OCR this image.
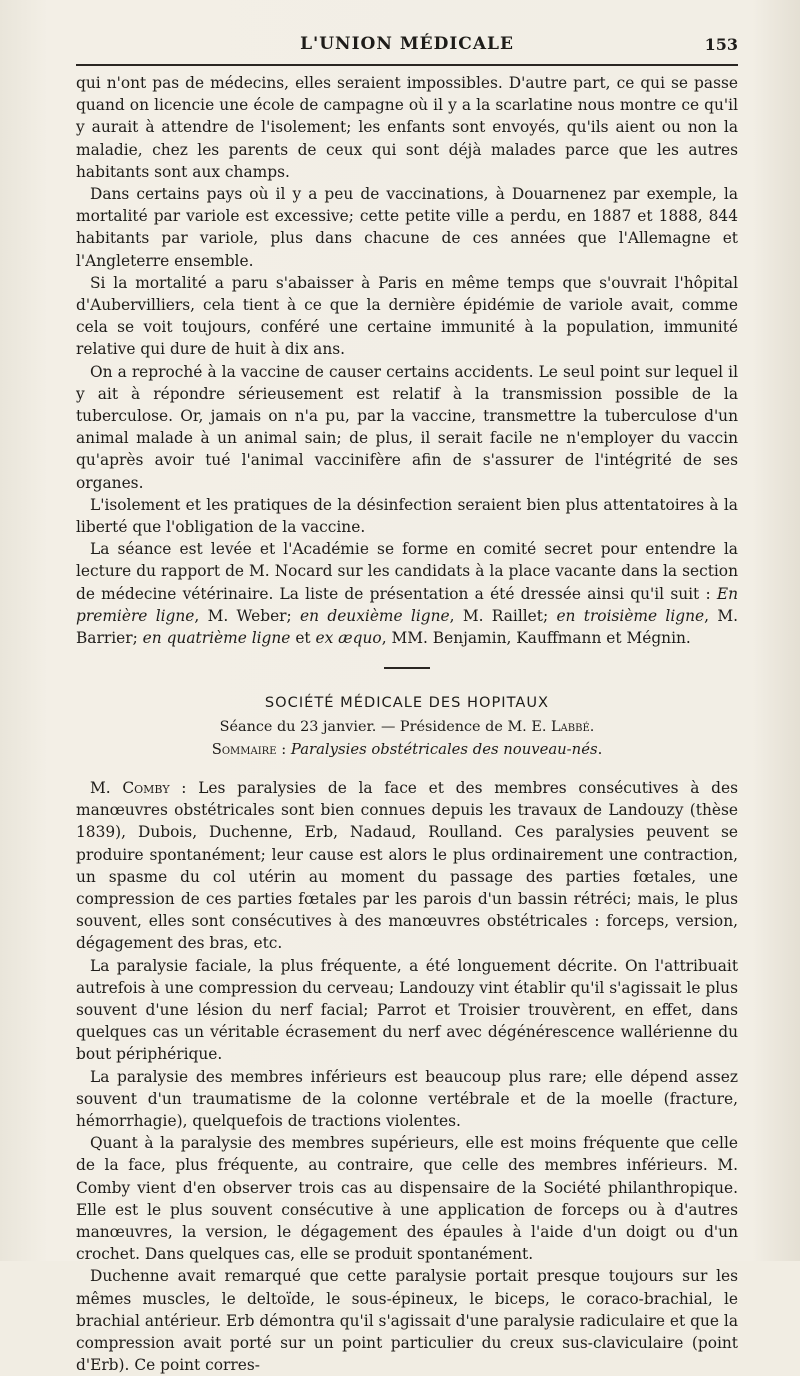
L'UNION MÉDICALE	153

qui n'ont pas de médecins, elles seraient impossibles. D'autre part, ce qui se passe quand on licencie une école de campagne où il y a la scarlatine nous montre ce qu'il y aurait à attendre de l'isolement; les enfants sont envoyés, qu'ils aient ou non la maladie, chez les parents de ceux qui sont déjà malades parce que les autres habitants sont aux champs.

Dans certains pays où il y a peu de vaccinations, à Douarnenez par exemple, la mortalité par variole est excessive; cette petite ville a perdu, en 1887 et 1888, 844 habitants par variole, plus dans chacune de ces années que l'Allemagne et l'Angleterre ensemble.

Si la mortalité a paru s'abaisser à Paris en même temps que s'ouvrait l'hôpital d'Aubervilliers, cela tient à ce que la dernière épidémie de variole avait, comme cela se voit toujours, conféré une certaine immunité à la population, immunité relative qui dure de huit à dix ans.

On a reproché à la vaccine de causer certains accidents. Le seul point sur lequel il y ait à répondre sérieusement est relatif à la transmission possible de la tuberculose. Or, jamais on n'a pu, par la vaccine, transmettre la tuberculose d'un animal malade à un animal sain; de plus, il serait facile ne n'employer du vaccin qu'après avoir tué l'animal vaccinifère afin de s'assurer de l'intégrité de ses organes.

L'isolement et les pratiques de la désinfection seraient bien plus attentatoires à la liberté que l'obligation de la vaccine.

La séance est levée et l'Académie se forme en comité secret pour entendre la lecture du rapport de M. Nocard sur les candidats à la place vacante dans la section de médecine vétérinaire. La liste de présentation a été dressée ainsi qu'il suit : En première ligne, M. Weber; en deuxième ligne, M. Raillet; en troisième ligne, M. Barrier; en quatrième ligne et ex æquo, MM. Benjamin, Kauffmann et Mégnin.

SOCIÉTÉ MÉDICALE DES HOPITAUX
Séance du 23 janvier. — Présidence de M. E. Labbé.
Sommaire : Paralysies obstétricales des nouveau-nés.

M. Comby : Les paralysies de la face et des membres consécutives à des manœuvres obstétricales sont bien connues depuis les travaux de Landouzy (thèse 1839), Dubois, Duchenne, Erb, Nadaud, Roulland. Ces paralysies peuvent se produire spontanément; leur cause est alors le plus ordinairement une contraction, un spasme du col utérin au moment du passage des parties fœtales, une compression de ces parties fœtales par les parois d'un bassin rétréci; mais, le plus souvent, elles sont consécutives à des manœuvres obstétricales : forceps, version, dégagement des bras, etc.

La paralysie faciale, la plus fréquente, a été longuement décrite. On l'attribuait autrefois à une compression du cerveau; Landouzy vint établir qu'il s'agissait le plus souvent d'une lésion du nerf facial; Parrot et Troisier trouvèrent, en effet, dans quelques cas un véritable écrasement du nerf avec dégénérescence wallérienne du bout périphérique.

La paralysie des membres inférieurs est beaucoup plus rare; elle dépend assez souvent d'un traumatisme de la colonne vertébrale et de la moelle (fracture, hémorrhagie), quelquefois de tractions violentes.

Quant à la paralysie des membres supérieurs, elle est moins fréquente que celle de la face, plus fréquente, au contraire, que celle des membres inférieurs. M. Comby vient d'en observer trois cas au dispensaire de la Société philanthropique. Elle est le plus souvent consécutive à une application de forceps ou à d'autres manœuvres, la version, le dégagement des épaules à l'aide d'un doigt ou d'un crochet. Dans quelques cas, elle se produit spontanément.

Duchenne avait remarqué que cette paralysie portait presque toujours sur les mêmes muscles, le deltoïde, le sous-épineux, le biceps, le coraco-brachial, le brachial antérieur. Erb démontra qu'il s'agissait d'une paralysie radiculaire et que la compression avait porté sur un point particulier du creux sus-claviculaire (point d'Erb). Ce point corres-
